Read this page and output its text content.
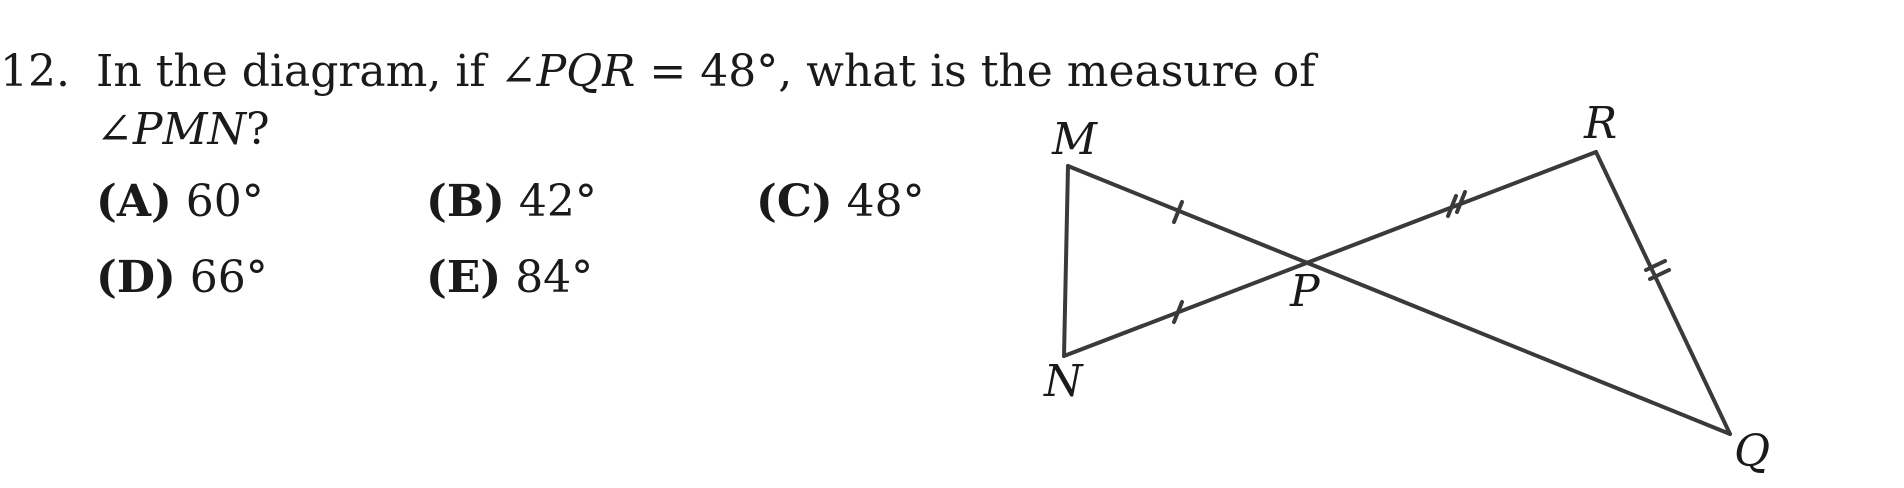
12. In the diagram, if ∠PQR = 48°, what is the measure of
∠PMN?
(A) 60°	(B) 42°	(C) 48°
(D) 66°	(E) 84°
M	R
P
N
Q
